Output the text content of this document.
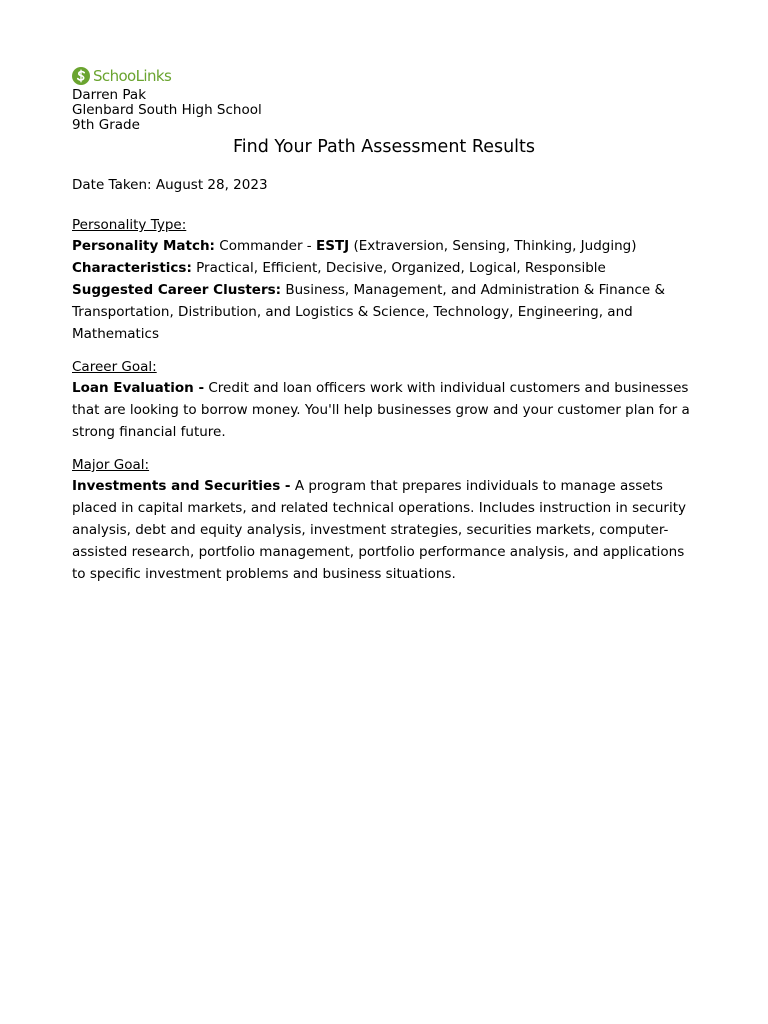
SchooLinks
Darren Pak
Glenbard South High School
9th Grade
Find Your Path Assessment Results
Date Taken: August 28, 2023
Personality Type:

Personality Match: Commander - ESTJ (Extraversion, Sensing, Thinking, Judging)

Characteristics: Practical, Efficient, Decisive, Organized, Logical, Responsible

Suggested Career Clusters: Business, Management, and Administration & Finance & Transportation, Distribution, and Logistics & Science, Technology, Engineering, and Mathematics

Career Goal:

Loan Evaluation - Credit and loan officers work with individual customers and businesses that are looking to borrow money. You'll help businesses grow and your customer plan for a strong financial future.

Major Goal:

Investments and Securities - A program that prepares individuals to manage assets placed in capital markets, and related technical operations. Includes instruction in security analysis, debt and equity analysis, investment strategies, securities markets, computer-assisted research, portfolio management, portfolio performance analysis, and applications to specific investment problems and business situations.
